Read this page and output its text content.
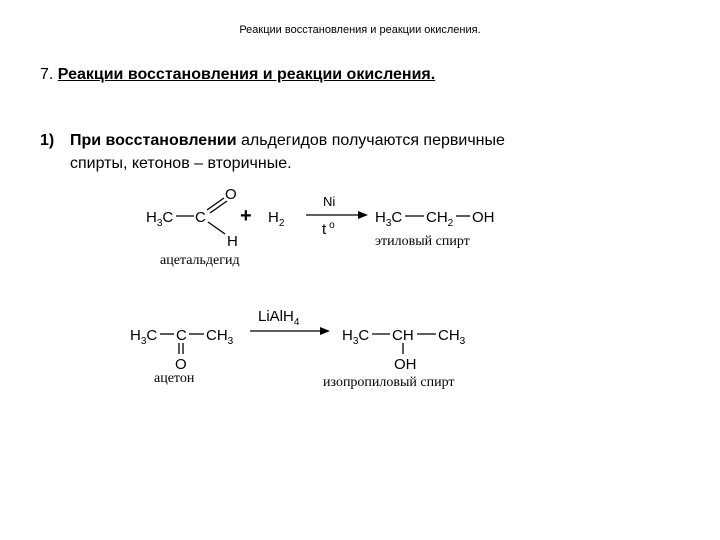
Реакции восстановления и реакции окисления.
7. Реакции восстановления и реакции окисления.
1) При восстановлении альдегидов получаются первичные
спирты, кетонов – вторичные.
$H_3C$ C
O
H
+ $H_2$
Ni
t $^o$	$H_3C$ $CH_2$ OH
ацетальдегид
этиловый спирт
$H_3C$ C $CH_3$
O
LiAlH$_4$
$H_3C$ CH $CH_3$
OH
ацетон	изопропиловый спирт
